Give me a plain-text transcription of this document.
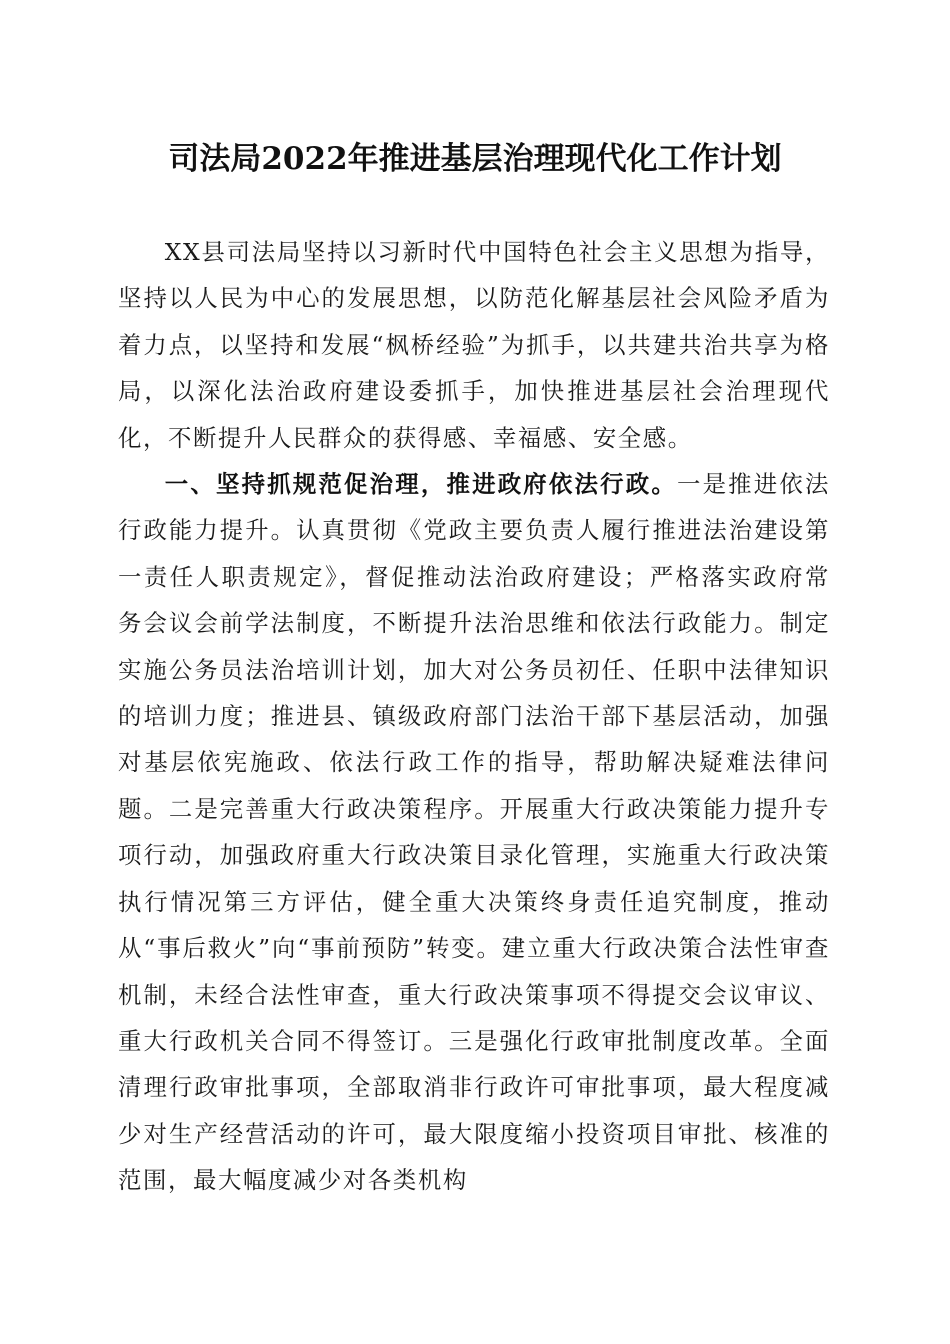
司法局2022年推进基层治理现代化工作计划

XX县司法局坚持以习新时代中国特色社会主义思想为指导，坚持以人民为中心的发展思想，以防范化解基层社会风险矛盾为着力点，以坚持和发展“枫桥经验”为抓手，以共建共治共享为格局，以深化法治政府建设委抓手，加快推进基层社会治理现代化，不断提升人民群众的获得感、幸福感、安全感。

一、坚持抓规范促治理，推进政府依法行政。一是推进依法行政能力提升。认真贯彻《党政主要负责人履行推进法治建设第一责任人职责规定》，督促推动法治政府建设；严格落实政府常务会议会前学法制度，不断提升法治思维和依法行政能力。制定实施公务员法治培训计划，加大对公务员初任、任职中法律知识的培训力度；推进县、镇级政府部门法治干部下基层活动，加强对基层依宪施政、依法行政工作的指导，帮助解决疑难法律问题。二是完善重大行政决策程序。开展重大行政决策能力提升专项行动，加强政府重大行政决策目录化管理，实施重大行政决策执行情况第三方评估，健全重大决策终身责任追究制度，推动从“事后救火”向“事前预防”转变。建立重大行政决策合法性审查机制，未经合法性审查，重大行政决策事项不得提交会议审议、重大行政机关合同不得签订。三是强化行政审批制度改革。全面清理行政审批事项，全部取消非行政许可审批事项，最大程度减少对生产经营活动的许可，最大限度缩小投资项目审批、核准的范围，最大幅度减少对各类机构
